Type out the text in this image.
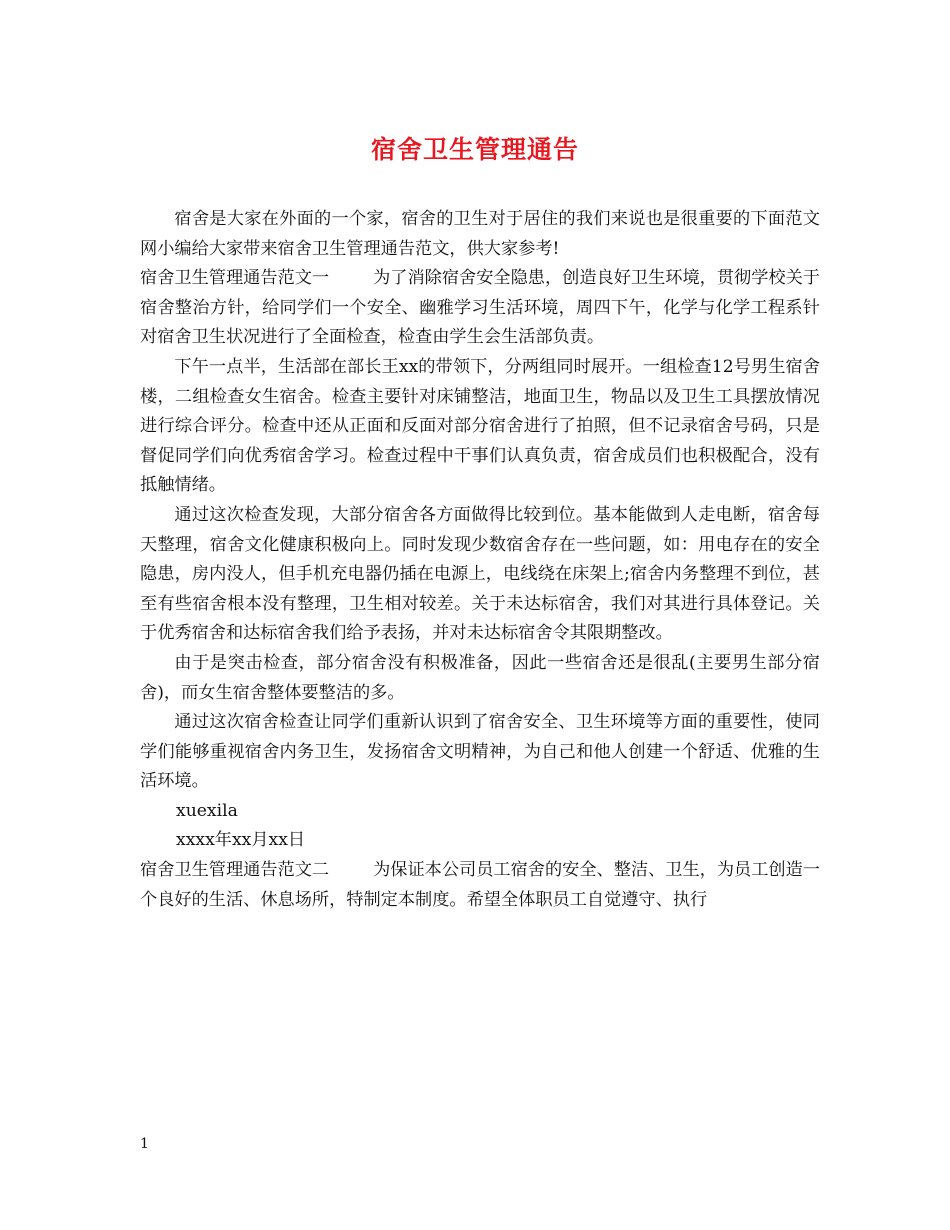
宿舍卫生管理通告

宿舍是大家在外面的一个家，宿舍的卫生对于居住的我们来说也是很重要的下面范文网小编给大家带来宿舍卫生管理通告范文，供大家参考!

宿舍卫生管理通告范文一	为了消除宿舍安全隐患，创造良好卫生环境，贯彻学校关于宿舍整治方针，给同学们一个安全、幽雅学习生活环境，周四下午，化学与化学工程系针对宿舍卫生状况进行了全面检查，检查由学生会生活部负责。

下午一点半，生活部在部长王xx的带领下，分两组同时展开。一组检查12号男生宿舍楼，二组检查女生宿舍。检查主要针对床铺整洁，地面卫生，物品以及卫生工具摆放情况进行综合评分。检查中还从正面和反面对部分宿舍进行了拍照，但不记录宿舍号码，只是督促同学们向优秀宿舍学习。检查过程中干事们认真负责，宿舍成员们也积极配合，没有抵触情绪。

通过这次检查发现，大部分宿舍各方面做得比较到位。基本能做到人走电断，宿舍每天整理，宿舍文化健康积极向上。同时发现少数宿舍存在一些问题，如：用电存在的安全隐患，房内没人，但手机充电器仍插在电源上，电线绕在床架上;宿舍内务整理不到位，甚至有些宿舍根本没有整理，卫生相对较差。关于未达标宿舍，我们对其进行具体登记。关于优秀宿舍和达标宿舍我们给予表扬，并对未达标宿舍令其限期整改。

由于是突击检查，部分宿舍没有积极准备，因此一些宿舍还是很乱(主要男生部分宿舍)，而女生宿舍整体要整洁的多。

通过这次宿舍检查让同学们重新认识到了宿舍安全、卫生环境等方面的重要性，使同学们能够重视宿舍内务卫生，发扬宿舍文明精神，为自己和他人创建一个舒适、优雅的生活环境。

xuexila

xxxx年xx月xx日

宿舍卫生管理通告范文二	为保证本公司员工宿舍的安全、整洁、卫生，为员工创造一个良好的生活、休息场所，特制定本制度。希望全体职员工自觉遵守、执行

1
